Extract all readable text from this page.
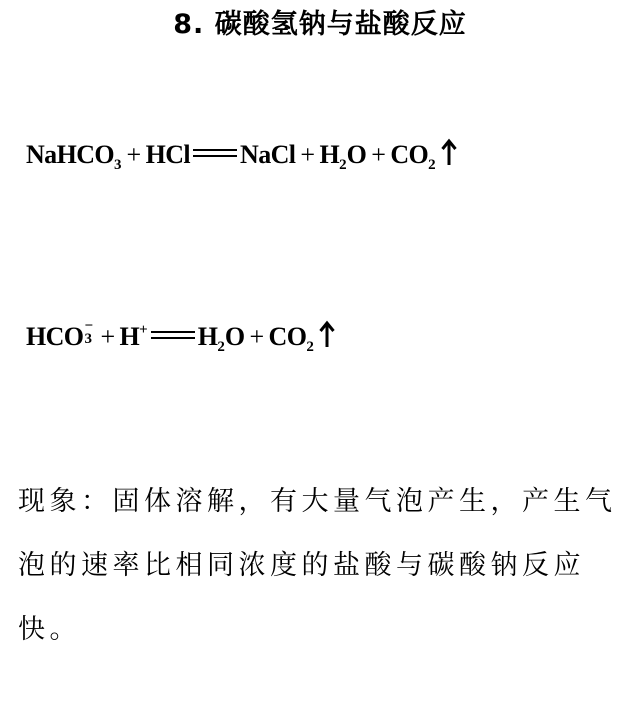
8. 碳酸氢钠与盐酸反应
NaHCO$_3$ + HCl NaCl + $H_2O + CO_2$
HCO −
3 + H+ $H_2O + CO_2$
现象：固体溶解，有大量气泡产生，产生气泡的速率比相同浓度的盐酸与碳酸钠反应快。
